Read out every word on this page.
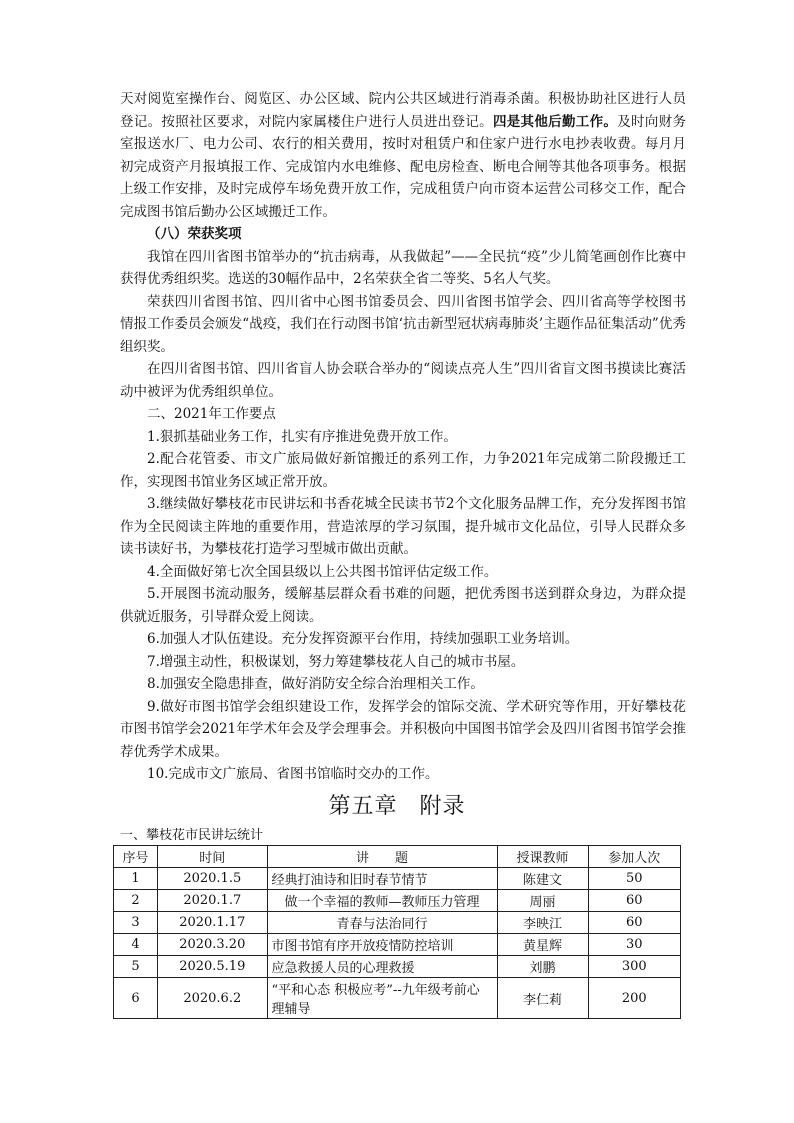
天对阅览室操作台、阅览区、办公区域、院内公共区域进行消毒杀菌。积极协助社区进行人员登记。按照社区要求，对院内家属楼住户进行人员进出登记。四是其他后勤工作。及时向财务室报送水厂、电力公司、农行的相关费用，按时对租赁户和住家户进行水电抄表收费。每月月初完成资产月报填报工作、完成馆内水电维修、配电房检查、断电合闸等其他各项事务。根据上级工作安排，及时完成停车场免费开放工作，完成租赁户向市资本运营公司移交工作，配合完成图书馆后勤办公区域搬迁工作。

（八）荣获奖项

我馆在四川省图书馆举办的“抗击病毒，从我做起”——全民抗“疫”少儿简笔画创作比赛中获得优秀组织奖。选送的30幅作品中，2名荣获全省二等奖、5名人气奖。

荣获四川省图书馆、四川省中心图书馆委员会、四川省图书馆学会、四川省高等学校图书情报工作委员会颁发“战疫，我们在行动图书馆‘抗击新型冠状病毒肺炎’主题作品征集活动”优秀组织奖。

在四川省图书馆、四川省盲人协会联合举办的“阅读点亮人生”四川省盲文图书摸读比赛活动中被评为优秀组织单位。

二、2021年工作要点

1.狠抓基础业务工作，扎实有序推进免费开放工作。

2.配合花管委、市文广旅局做好新馆搬迁的系列工作，力争2021年完成第二阶段搬迁工作，实现图书馆业务区域正常开放。

3.继续做好攀枝花市民讲坛和书香花城全民读书节2个文化服务品牌工作，充分发挥图书馆作为全民阅读主阵地的重要作用，营造浓厚的学习氛围，提升城市文化品位，引导人民群众多读书读好书，为攀枝花打造学习型城市做出贡献。

4.全面做好第七次全国县级以上公共图书馆评估定级工作。

5.开展图书流动服务，缓解基层群众看书难的问题，把优秀图书送到群众身边，为群众提供就近服务，引导群众爱上阅读。

6.加强人才队伍建设。充分发挥资源平台作用，持续加强职工业务培训。

7.增强主动性，积极谋划，努力筹建攀枝花人自己的城市书屋。

8.加强安全隐患排查，做好消防安全综合治理相关工作。

9.做好市图书馆学会组织建设工作，发挥学会的馆际交流、学术研究等作用，开好攀枝花市图书馆学会2021年学术年会及学会理事会。并积极向中国图书馆学会及四川省图书馆学会推荐优秀学术成果。

10.完成市文广旅局、省图书馆临时交办的工作。

第五章 附录
一、攀枝花市民讲坛统计
序号	时间	讲　　题	授课教师	参加人次
1	2020.1.5	经典打油诗和旧时春节情节	陈建文	50
2	2020.1.7	做一个幸福的教师—教师压力管理	周丽	60
3	2020.1.17	青春与法治同行	李映江	60
4	2020.3.20	市图书馆有序开放疫情防控培训	黄星辉	30
5	2020.5.19	应急救援人员的心理救援	刘鹏	300
6	2020.6.2	“平和心态 积极应考”--九年级考前心理辅导	李仁莉	200
